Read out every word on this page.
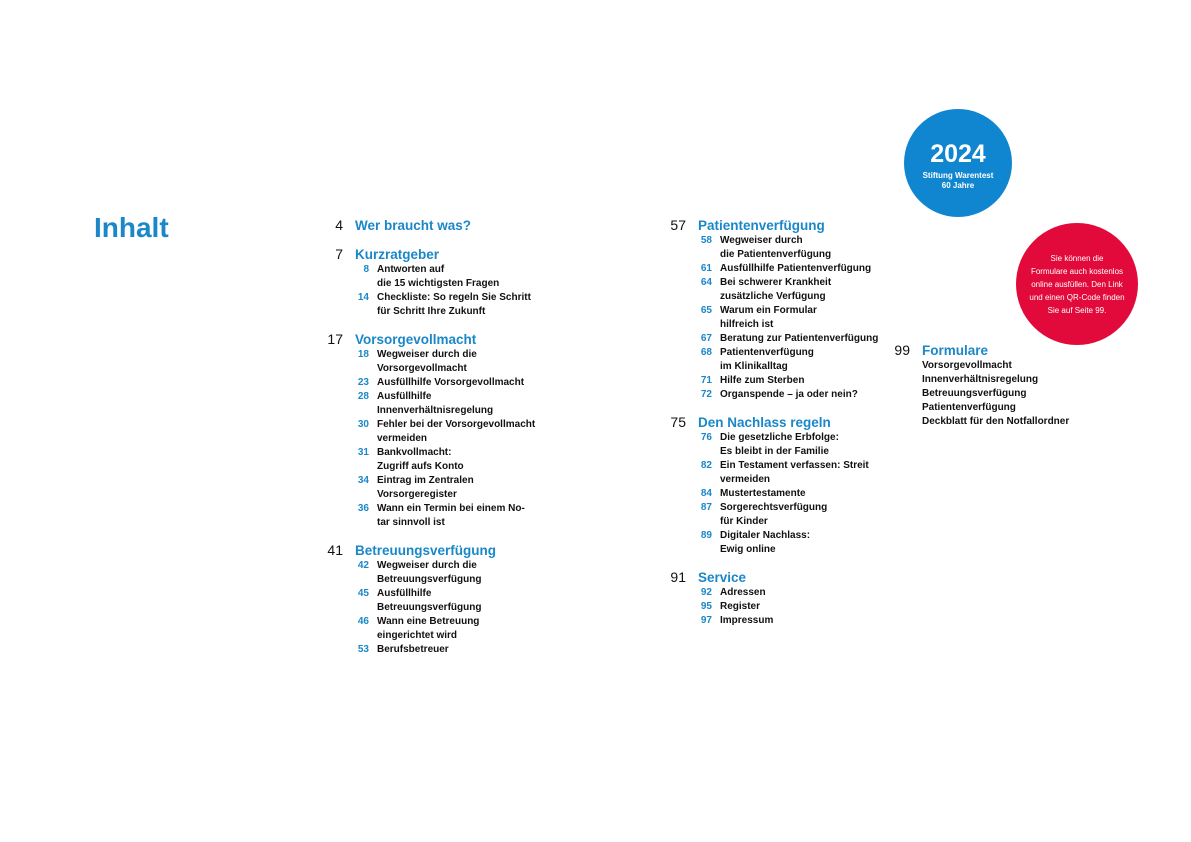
Inhalt	4 Wer braucht was?
7 Kurzratgeber
8 Antworten auf
die 15 wichtigsten Fragen
14 Checkliste: So regeln Sie Schritt
für Schritt Ihre Zukunft
17 Vorsorgevollmacht
18 Wegweiser durch die
Vorsorgevollmacht
23 Ausfüllhilfe Vorsorgevollmacht
28 Ausfüllhilfe
Innenverhältnisregelung
30 Fehler bei der Vorsorgevollmacht
vermeiden
31 Bankvollmacht:
Zugriff aufs Konto
34 Eintrag im Zentralen
Vorsorgeregister
36 Wann ein Termin bei einem No-
tar sinnvoll ist
41 Betreuungsverfügung
42 Wegweiser durch die
Betreuungsverfügung
45 Ausfüllhilfe
Betreuungsverfügung
46 Wann eine Betreuung
eingerichtet wird
53 Berufsbetreuer
57 Patientenverfügung
58 Wegweiser durch
die Patientenverfügung
61 Ausfüllhilfe Patientenverfügung
64 Bei schwerer Krankheit
zusätzliche Verfügung
65 Warum ein Formular
hilfreich ist
67 Beratung zur Patientenverfügung
68 Patientenverfügung
im Klinikalltag
71 Hilfe zum Sterben
72 Organspende – ja oder nein?
75 Den Nachlass regeln
76 Die gesetzliche Erbfolge:
Es bleibt in der Familie
82 Ein Testament verfassen: Streit
vermeiden
84 Mustertestamente
87 Sorgerechtsverfügung
für Kinder
89 Digitaler Nachlass:
Ewig online
91 Service
92 Adressen
95 Register
97 Impressum
99 Formulare
Vorsorgevollmacht
Innenverhältnisregelung
Betreuungsverfügung
Patientenverfügung
Deckblatt für den Notfallordner
2024
Stiftung Warentest
60 Jahre
Sie können die
Formulare auch kostenlos
online ausfüllen. Den Link
und einen QR-Code finden
Sie auf Seite 99.
